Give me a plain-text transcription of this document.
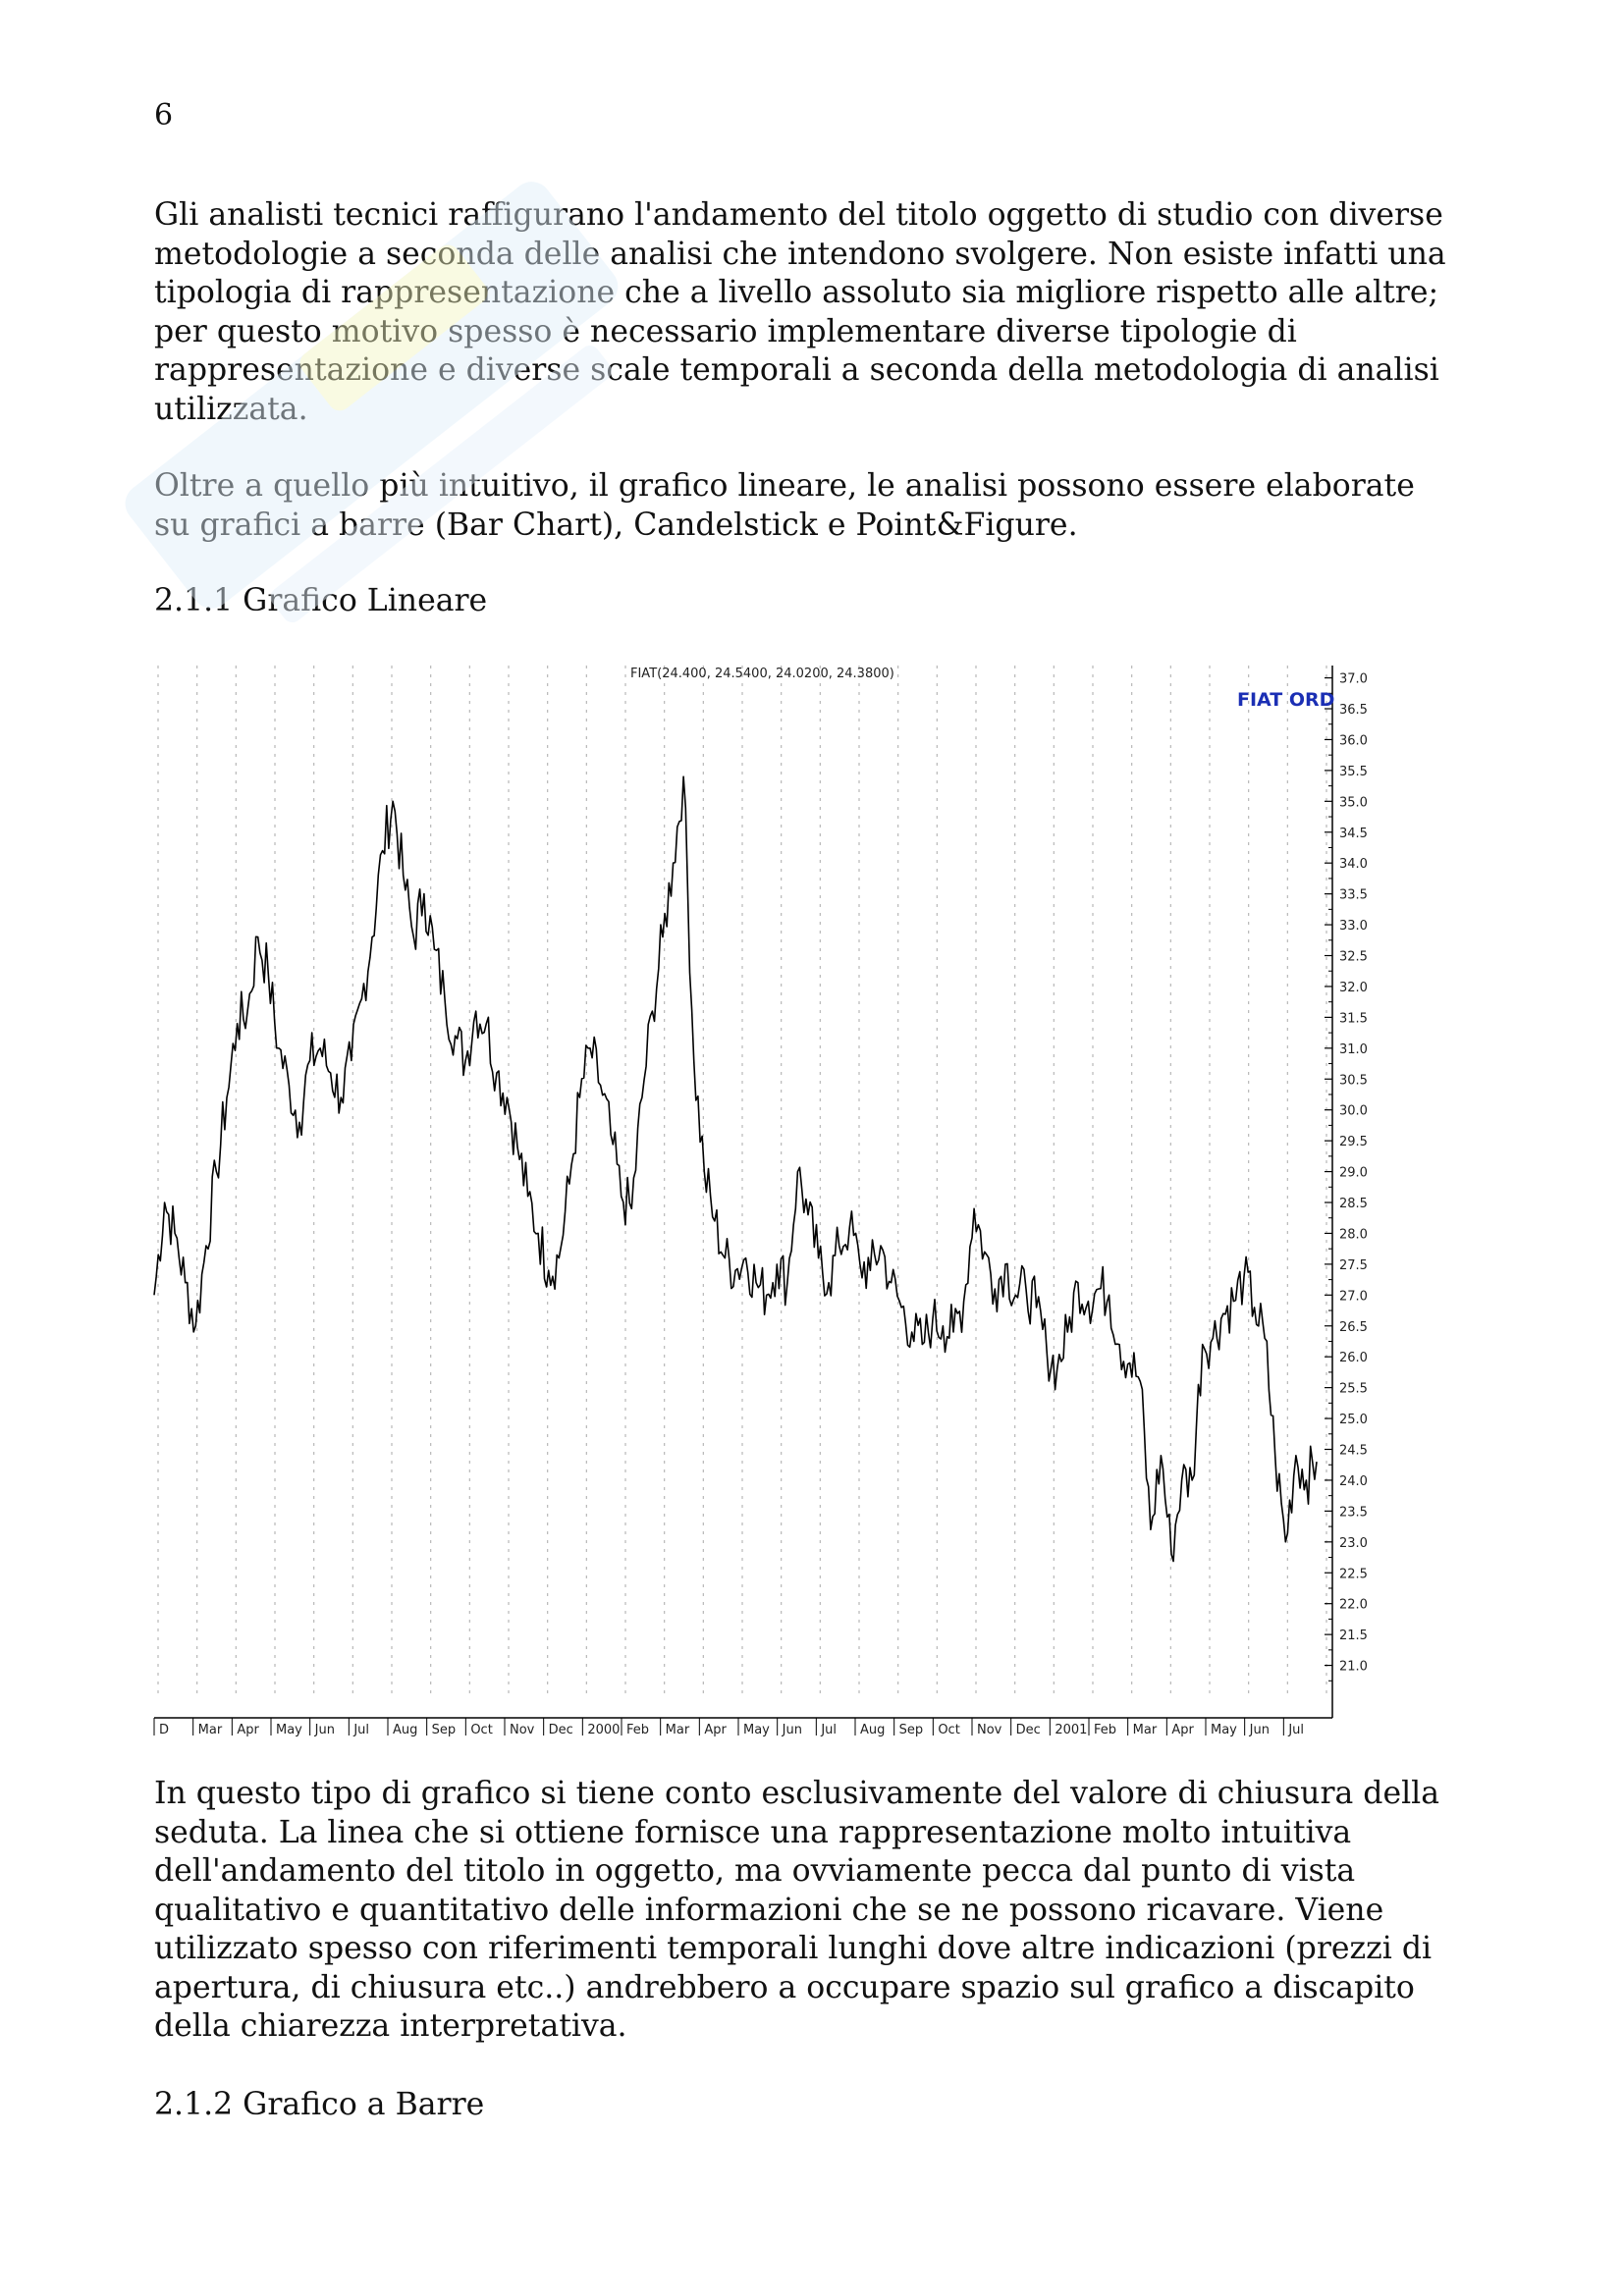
6

Gli analisti tecnici raffigurano l'andamento del titolo oggetto di studio con diverse
metodologie a seconda delle analisi che intendono svolgere. Non esiste infatti una
tipologia di rappresentazione che a livello assoluto sia migliore rispetto alle altre;
per questo motivo spesso è necessario implementare diverse tipologie di
rappresentazione e diverse scale temporali a seconda della metodologia di analisi
utilizzata.

Oltre a quello più intuitivo, il grafico lineare, le analisi possono essere elaborate
su grafici a barre (Bar Chart), Candelstick e Point&Figure.

2.1.1 Grafico Lineare
37.0
36.5
36.0
35.5
35.0
34.5
34.0
33.5
33.0
32.5
32.0
31.5
31.0
30.5
30.0
29.5
29.0
28.5
28.0
27.5
27.0
26.5
26.0
25.5
25.0
24.5
24.0
23.5
23.0
22.5
22.0
21.5
21.0
D Mar Apr May Jun Jul Aug Sep Oct Nov Dec 2000 Feb Mar Apr May Jun Jul Aug Sep Oct Nov Dec 2001 Feb Mar Apr May Jun Jul
FIAT(24.400, 24.5400, 24.0200, 24.3800)
FIAT ORD

In questo tipo di grafico si tiene conto esclusivamente del valore di chiusura della
seduta. La linea che si ottiene fornisce una rappresentazione molto intuitiva
dell'andamento del titolo in oggetto, ma ovviamente pecca dal punto di vista
qualitativo e quantitativo delle informazioni che se ne possono ricavare. Viene
utilizzato spesso con riferimenti temporali lunghi dove altre indicazioni (prezzi di
apertura, di chiusura etc..) andrebbero a occupare spazio sul grafico a discapito
della chiarezza interpretativa.

2.1.2 Grafico a Barre
